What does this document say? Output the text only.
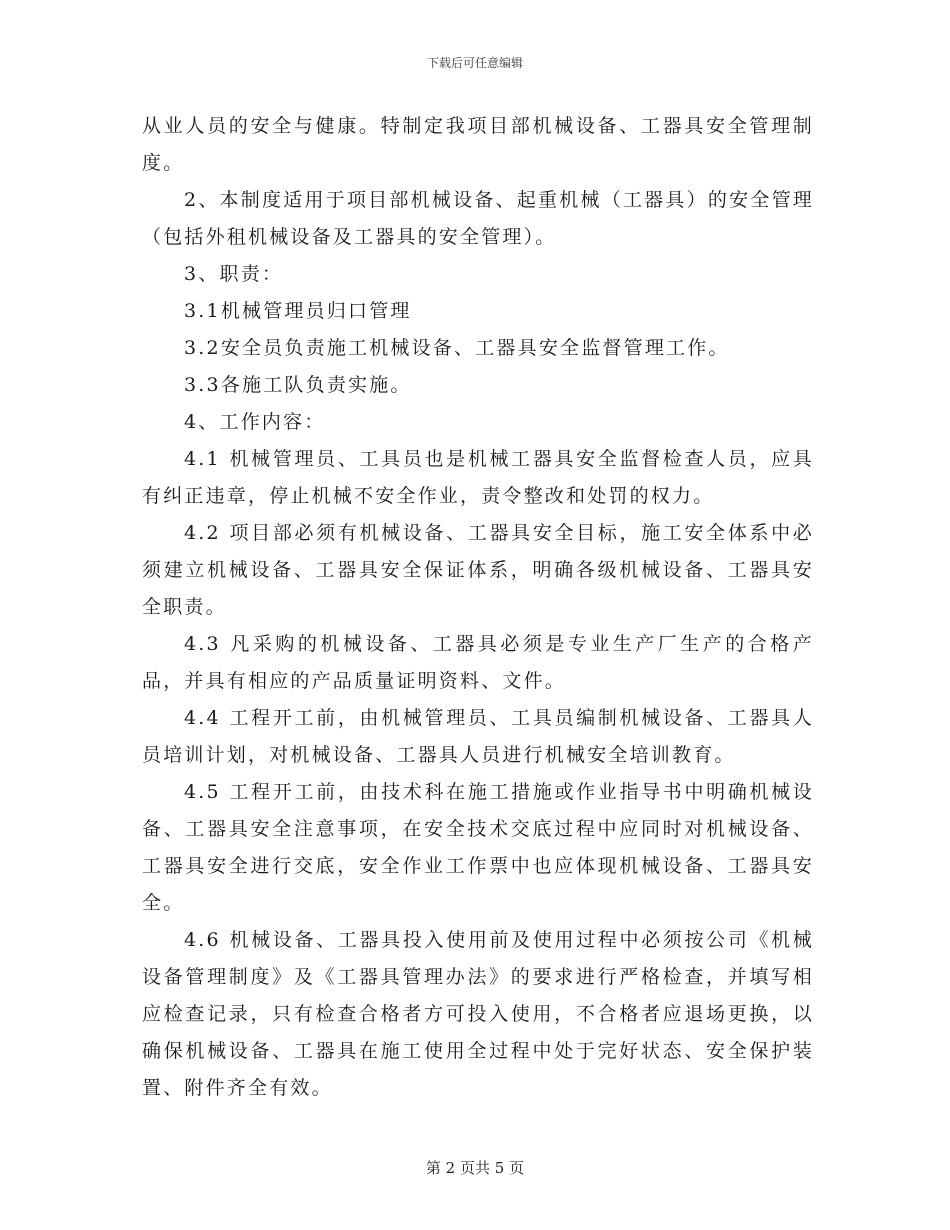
下载后可任意编辑

从业人员的安全与健康。特制定我项目部机械设备、工器具安全管理制度。

2、本制度适用于项目部机械设备、起重机械（工器具）的安全管理（包括外租机械设备及工器具的安全管理）。

3、职责：

3.1机械管理员归口管理

3.2安全员负责施工机械设备、工器具安全监督管理工作。

3.3各施工队负责实施。

4、工作内容：

4.1 机械管理员、工具员也是机械工器具安全监督检查人员，应具有纠正违章，停止机械不安全作业，责令整改和处罚的权力。

4.2 项目部必须有机械设备、工器具安全目标，施工安全体系中必须建立机械设备、工器具安全保证体系，明确各级机械设备、工器具安全职责。

4.3 凡采购的机械设备、工器具必须是专业生产厂生产的合格产品，并具有相应的产品质量证明资料、文件。

4.4 工程开工前，由机械管理员、工具员编制机械设备、工器具人员培训计划，对机械设备、工器具人员进行机械安全培训教育。

4.5 工程开工前，由技术科在施工措施或作业指导书中明确机械设备、工器具安全注意事项，在安全技术交底过程中应同时对机械设备、工器具安全进行交底，安全作业工作票中也应体现机械设备、工器具安全。

4.6 机械设备、工器具投入使用前及使用过程中必须按公司《机械设备管理制度》及《工器具管理办法》的要求进行严格检查，并填写相应检查记录，只有检查合格者方可投入使用，不合格者应退场更换，以确保机械设备、工器具在施工使用全过程中处于完好状态、安全保护装置、附件齐全有效。

第 2 页共 5 页
